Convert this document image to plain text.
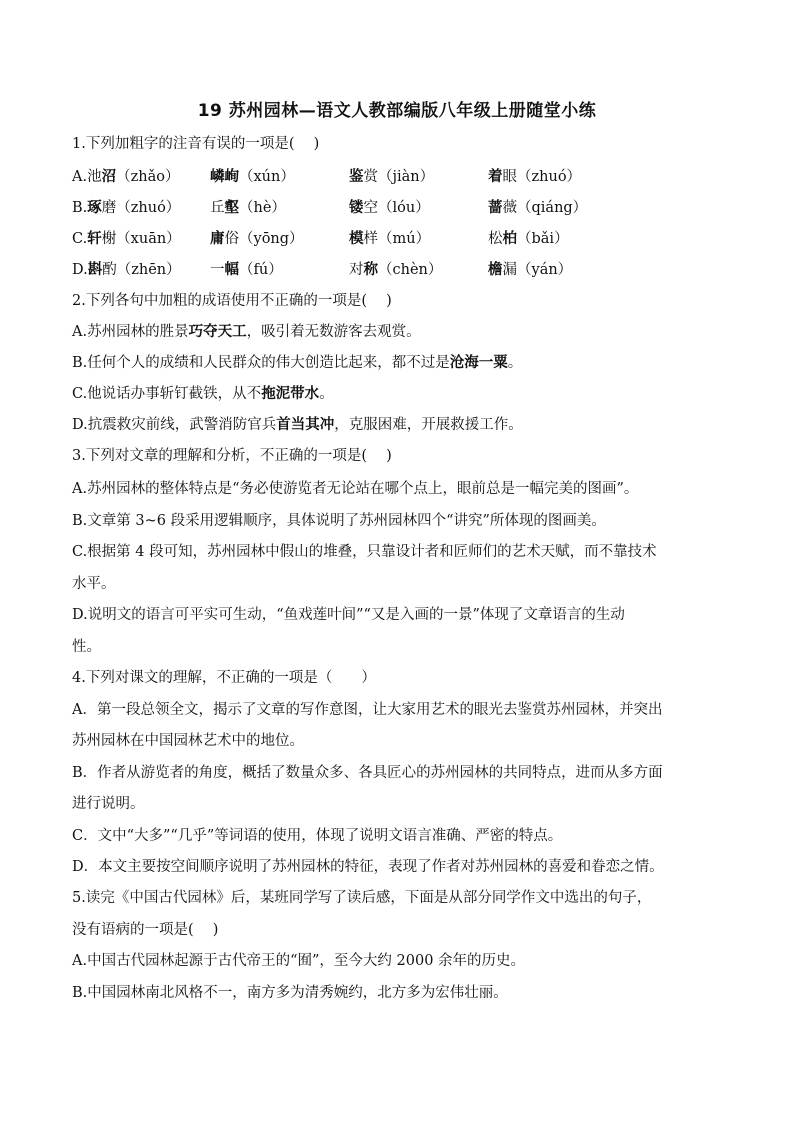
19 苏州园林—语文人教部编版八年级上册随堂小练
1.下列加粗字的注音有误的一项是(　 )
A.池沼（zhǎo） 嶙峋（xún）	鉴赏（jiàn）	着眼（zhuó）
B.琢磨（zhuó） 丘壑（hè）	镂空（lóu）	蔷薇（qiáng）
C.轩榭（xuān） 庸俗（yōng）	模样（mú）	松柏（bǎi）
D.斟酌（zhēn） 一幅（fú）	对称（chèn）	檐漏（yán）
2.下列各句中加粗的成语使用不正确的一项是(　 )
A.苏州园林的胜景巧夺天工，吸引着无数游客去观赏。
B.任何个人的成绩和人民群众的伟大创造比起来，都不过是沧海一粟。
C.他说话办事斩钉截铁，从不拖泥带水。
D.抗震救灾前线，武警消防官兵首当其冲，克服困难，开展救援工作。
3.下列对文章的理解和分析，不正确的一项是(　 )
A.苏州园林的整体特点是“务必使游览者无论站在哪个点上，眼前总是一幅完美的图画”。
B.文章第 3~6 段采用逻辑顺序，具体说明了苏州园林四个“讲究”所体现的图画美。
C.根据第 4 段可知，苏州园林中假山的堆叠，只靠设计者和匠师们的艺术天赋，而不靠技术
水平。
D.说明文的语言可平实可生动，“鱼戏莲叶间”“又是入画的一景”体现了文章语言的生动
性。
4.下列对课文的理解，不正确的一项是（　　）
A．第一段总领全文，揭示了文章的写作意图，让大家用艺术的眼光去鉴赏苏州园林，并突出
苏州园林在中国园林艺术中的地位。
B．作者从游览者的角度，概括了数量众多、各具匠心的苏州园林的共同特点，进而从多方面
进行说明。
C．文中“大多”“几乎”等词语的使用，体现了说明文语言准确、严密的特点。
D．本文主要按空间顺序说明了苏州园林的特征，表现了作者对苏州园林的喜爱和眷恋之情。
5.读完《中国古代园林》后，某班同学写了读后感，下面是从部分同学作文中选出的句子，
没有语病的一项是(　 )
A.中国古代园林起源于古代帝王的“囿”，至今大约 2000 余年的历史。
B.中国园林南北风格不一，南方多为清秀婉约，北方多为宏伟壮丽。
